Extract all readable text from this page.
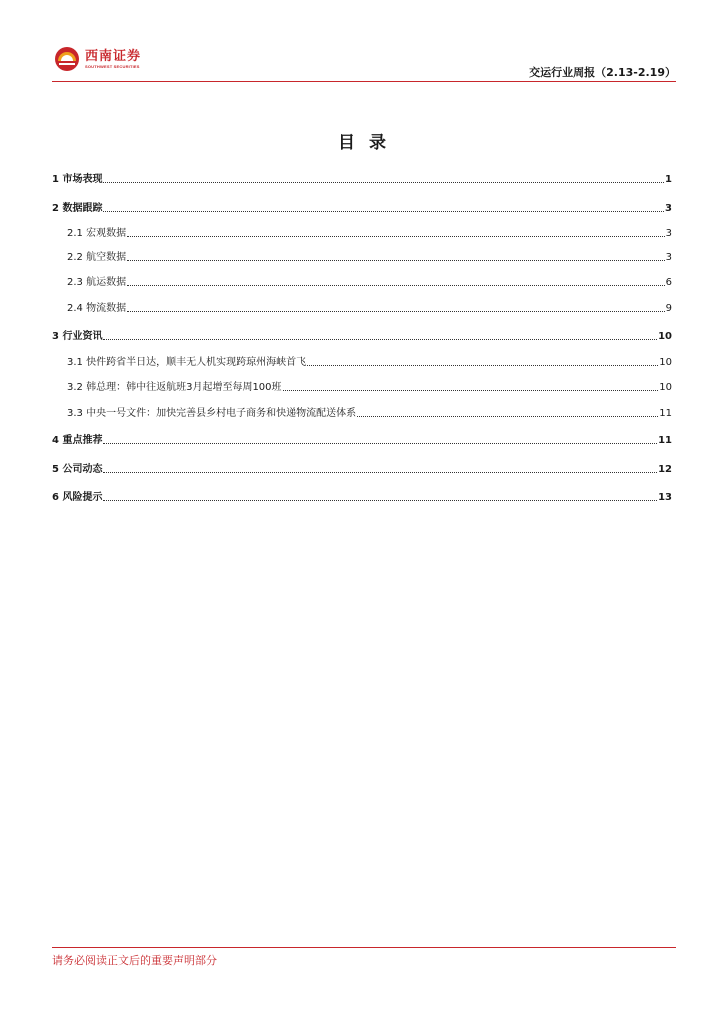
西南证券
SOUTHWEST SECURITIES	交运行业周报（2.13-2.19）
目录
1 市场表现	1
2 数据跟踪	3
2.1 宏观数据	3
2.2 航空数据	3
2.3 航运数据	6
2.4 物流数据	9
3 行业资讯	10
3.1 快件跨省半日达，顺丰无人机实现跨琼州海峡首飞	10
3.2 韩总理：韩中往返航班3月起增至每周100班	10
3.3 中央一号文件：加快完善县乡村电子商务和快递物流配送体系	11
4 重点推荐	11
5 公司动态	12
6 风险提示	13
请务必阅读正文后的重要声明部分
